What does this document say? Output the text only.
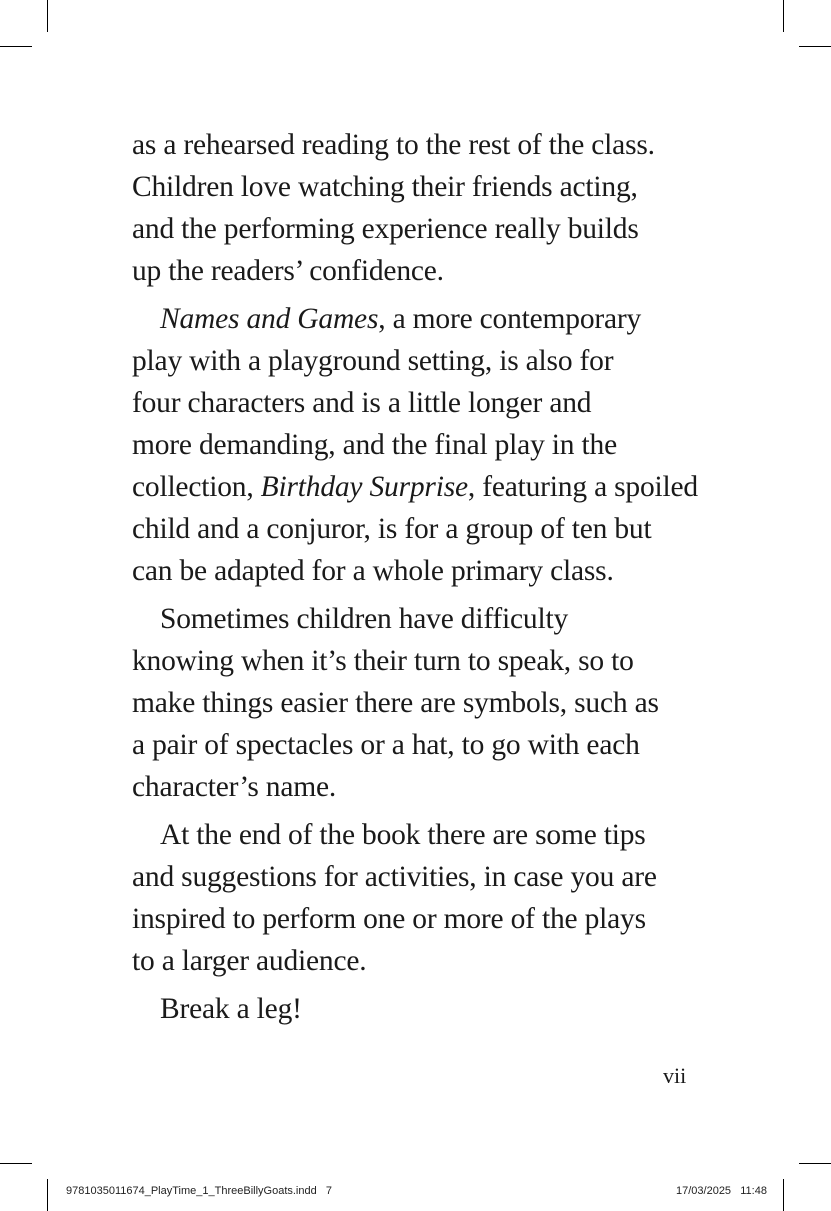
as a rehearsed reading to the rest of the class.
Children love watching their friends acting,
and the performing experience really builds
up the readers’ confidence.
Names and Games, a more contemporary
play with a playground setting, is also for
four characters and is a little longer and
more demanding, and the final play in the
collection, Birthday Surprise, featuring a spoiled
child and a conjuror, is for a group of ten but
can be adapted for a whole primary class.
Sometimes children have difficulty
knowing when it’s their turn to speak, so to
make things easier there are symbols, such as
a pair of spectacles or a hat, to go with each
character’s name.
At the end of the book there are some tips
and suggestions for activities, in case you are
inspired to perform one or more of the plays
to a larger audience.
Break a leg!
vii
9781035011674_PlayTime_1_ThreeBillyGoats.indd   7	17/03/2025   11:48
